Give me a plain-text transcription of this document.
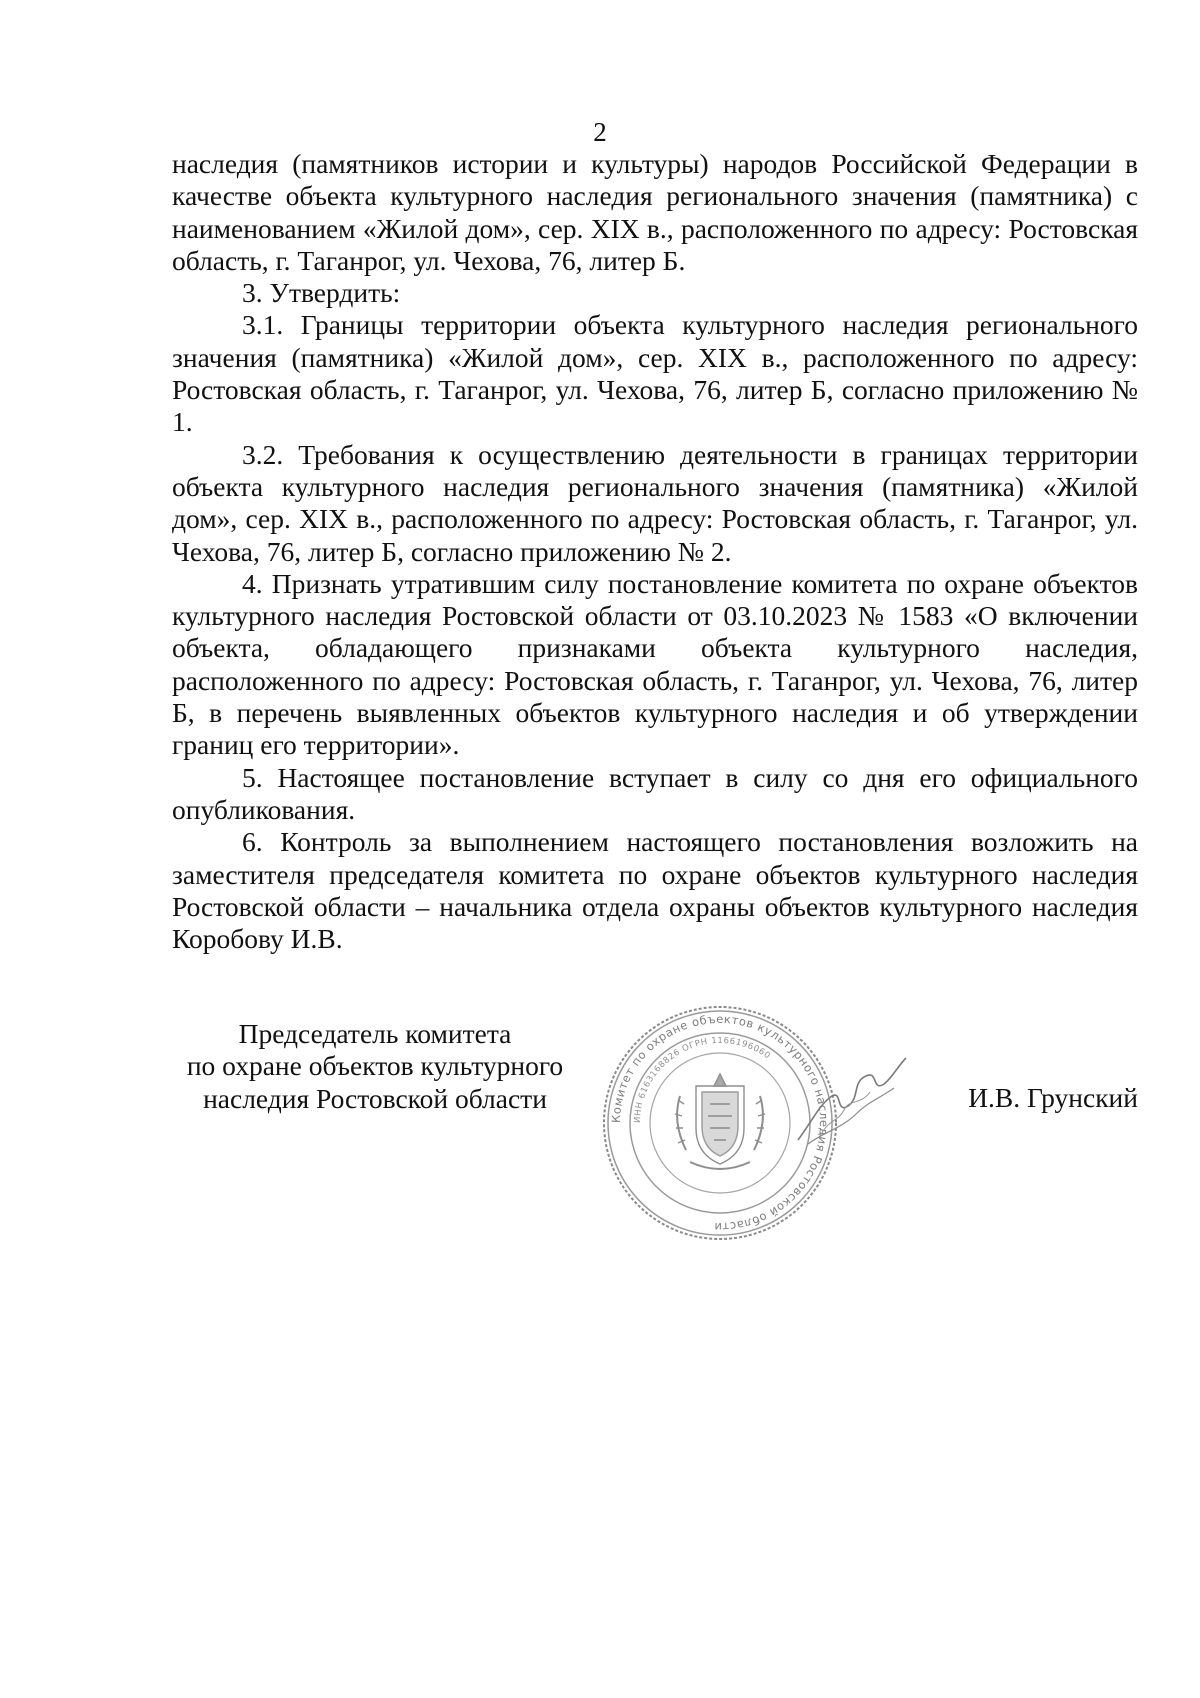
2

наследия (памятников истории и культуры) народов Российской Федерации в качестве объекта культурного наследия регионального значения (памятника) с наименованием «Жилой дом», сер. XIX в., расположенного по адресу: Ростовская область, г. Таганрог, ул. Чехова, 76, литер Б.

3. Утвердить:

3.1. Границы территории объекта культурного наследия регионального значения (памятника) «Жилой дом», сер. XIX в., расположенного по адресу: Ростовская область, г. Таганрог, ул. Чехова, 76, литер Б, согласно приложению № 1.

3.2. Требования к осуществлению деятельности в границах территории объекта культурного наследия регионального значения (памятника) «Жилой дом», сер. XIX в., расположенного по адресу: Ростовская область, г. Таганрог, ул. Чехова, 76, литер Б, согласно приложению № 2.

4. Признать утратившим силу постановление комитета по охране объектов культурного наследия Ростовской области от 03.10.2023 № 1583 «О включении объекта, обладающего признаками объекта культурного наследия, расположенного по адресу: Ростовская область, г. Таганрог, ул. Чехова, 76, литер Б, в перечень выявленных объектов культурного наследия и об утверждении границ его территории».

5. Настоящее постановление вступает в силу со дня его официального опубликования.

6. Контроль за выполнением настоящего постановления возложить на заместителя председателя комитета по охране объектов культурного наследия Ростовской области – начальника отдела охраны объектов культурного наследия Коробову И.В.

Председатель комитета
по охране объектов культурного
наследия Ростовской области
Комитет по охране объектов культурного наследия Ростовской области
ИНН 6163168826 ОГРН 1166196060
И.В. Грунский
